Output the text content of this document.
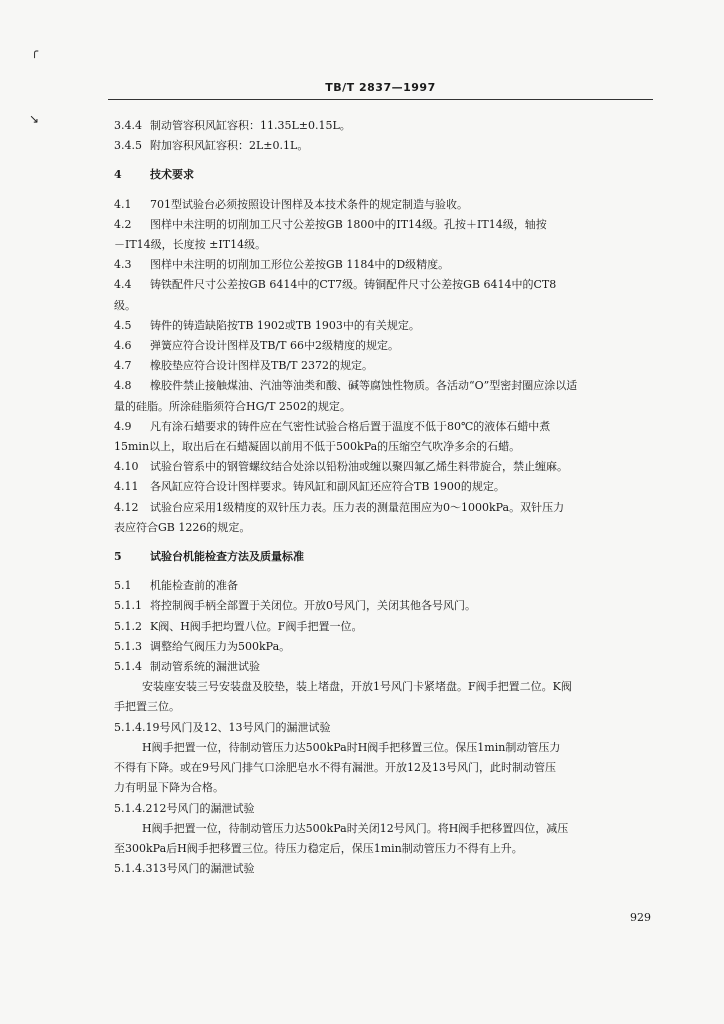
╭
↘
TB/T 2837—1997
3.4.4 制动管容积风缸容积：11.35L±0.15L。
3.4.5 附加容积风缸容积：2L±0.1L。
4	技术要求
4.1 701型试验台必须按照设计图样及本技术条件的规定制造与验收。
4.2 图样中未注明的切削加工尺寸公差按GB 1800中的IT14级。孔按＋IT14级，轴按
－IT14级，长度按 ±IT14级。
4.3 图样中未注明的切削加工形位公差按GB 1184中的D级精度。
4.4 铸铁配件尺寸公差按GB 6414中的CT7级。铸铜配件尺寸公差按GB 6414中的CT8
级。
4.5 铸件的铸造缺陷按TB 1902或TB 1903中的有关规定。
4.6 弹簧应符合设计图样及TB/T 66中2级精度的规定。
4.7 橡胶垫应符合设计图样及TB/T 2372的规定。
4.8 橡胶件禁止接触煤油、汽油等油类和酸、碱等腐蚀性物质。各活动“O”型密封圈应涂以适
量的硅脂。所涂硅脂须符合HG/T 2502的规定。
4.9 凡有涂石蜡要求的铸件应在气密性试验合格后置于温度不低于80℃的液体石蜡中煮
15min以上，取出后在石蜡凝固以前用不低于500kPa的压缩空气吹净多余的石蜡。
4.10 试验台管系中的钢管螺纹结合处涂以铅粉油或缠以聚四氟乙烯生料带旋合，禁止缠麻。
4.11 各风缸应符合设计图样要求。铸风缸和副风缸还应符合TB 1900的规定。
4.12 试验台应采用1级精度的双针压力表。压力表的测量范围应为0～1000kPa。双针压力
表应符合GB 1226的规定。
5	试验台机能检查方法及质量标准
5.1 机能检查前的准备
5.1.1 将控制阀手柄全部置于关闭位。开放0号风门，关闭其他各号风门。
5.1.2 K阀、H阀手把均置八位。F阀手把置一位。
5.1.3 调整给气阀压力为500kPa。
5.1.4 制动管系统的漏泄试验
安装座安装三号安装盘及胶垫，装上堵盘，开放1号风门卡紧堵盘。F阀手把置二位。K阀
手把置三位。
5.1.4.19号风门及12、13号风门的漏泄试验
H阀手把置一位，待制动管压力达500kPa时H阀手把移置三位。保压1min制动管压力
不得有下降。或在9号风门排气口涂肥皂水不得有漏泄。开放12及13号风门，此时制动管压
力有明显下降为合格。
5.1.4.212号风门的漏泄试验
H阀手把置一位，待制动管压力达500kPa时关闭12号风门。将H阀手把移置四位，减压
至300kPa后H阀手把移置三位。待压力稳定后，保压1min制动管压力不得有上升。
5.1.4.313号风门的漏泄试验
929
